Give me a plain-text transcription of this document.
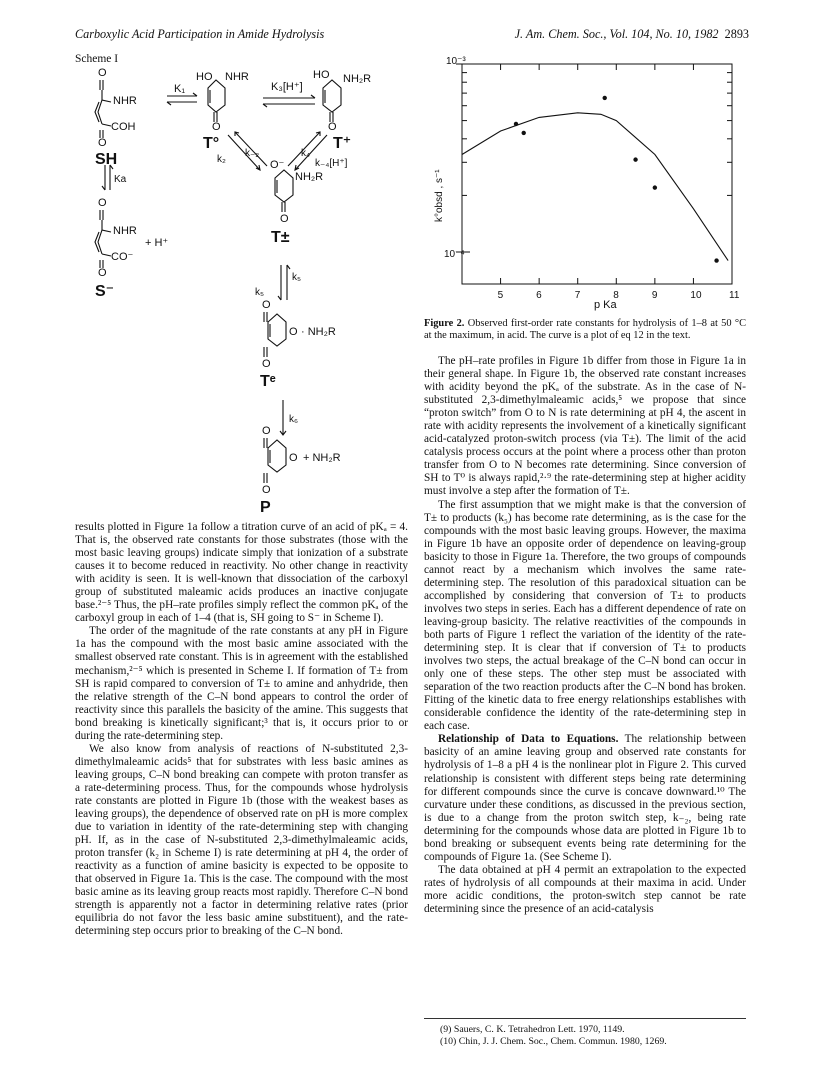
Carboxylic Acid Participation in Amide Hydrolysis	J. Am. Chem. Soc., Vol. 104, No. 10, 1982 2893
Scheme I
O
NHR
COH
O
SH
K₁
HO NHR
O
T°
K₃[H⁺]
HO NH₂R
O
T⁺
k₂
k₋₂	k₄
k₋₄[H⁺]
Ka
O
NHR
+ H⁺
CO⁻
O
S⁻
O⁻
NH₂R
O
T±
k₅
k₅
O
O · NH₂R
O
Tᵉ
k₆
O
O + NH₂R
O
P
5	6	7	8	9	10	11
10⁻³
10⁻⁴
p Ka
k°obsd , s⁻¹
Figure 2. Observed first-order rate constants for hydrolysis of 1–8 at 50 °C at the maximum, in acid. The curve is a plot of eq 12 in the text.

results plotted in Figure 1a follow a titration curve of an acid of pKₐ = 4. That is, the observed rate constants for those substrates (those with the most basic leaving groups) indicate simply that ionization of a substrate causes it to become reduced in reactivity. No other change in reactivity with acidity is seen. It is well-known that dissociation of the carboxyl group of substituted maleamic acids produces an inactive conjugate base.²⁻⁵ Thus, the pH–rate profiles simply reflect the common pKₐ of the carboxyl group in each of 1–4 (that is, SH going to S⁻ in Scheme I).

The order of the magnitude of the rate constants at any pH in Figure 1a has the compound with the most basic amine associated with the smallest observed rate constant. This is in agreement with the established mechanism,²⁻⁵ which is presented in Scheme I. If formation of T± from SH is rapid compared to conversion of T± to amine and anhydride, then the relative strength of the C–N bond appears to control the order of reactivity since this parallels the basicity of the amine. This suggests that bond breaking is kinetically significant;³ that is, it occurs prior to or during the rate-determining step.

We also know from analysis of reactions of N-substituted 2,3-dimethylmaleamic acids⁵ that for substrates with less basic amines as leaving groups, C–N bond breaking can compete with proton transfer as a rate-determining process. Thus, for the compounds whose hydrolysis rate constants are plotted in Figure 1b (those with the weakest bases as leaving groups), the dependence of observed rate on pH is more complex due to variation in identity of the rate-determining step with changing pH. If, as in the case of N-substituted 2,3-dimethylmaleamic acids, proton transfer (k₂ in Scheme I) is rate determining at pH 4, the order of reactivity as a function of amine basicity is expected to be opposite to that observed in Figure 1a. This is the case. The compound with the most basic amine as its leaving group reacts most rapidly. Therefore C–N bond strength is apparently not a factor in determining relative rates (prior equilibria do not favor the less basic amine substituent), and the rate-determining step occurs prior to breaking of the C–N bond.

The pH–rate profiles in Figure 1b differ from those in Figure 1a in their general shape. In Figure 1b, the observed rate constant increases with acidity beyond the pKₐ of the substrate. As in the case of N-substituted 2,3-dimethylmaleamic acids,⁵ we propose that since “proton switch” from O to N is rate determining at pH 4, the ascent in rate with acidity represents the involvement of a kinetically significant acid-catalyzed proton-switch process (via T±). The limit of the acid catalysis process occurs at the point where a process other than proton transfer from O to N becomes rate determining. Since conversion of SH to T⁰ is always rapid,²·⁹ the rate-determining step at higher acidity must involve a step after the formation of T±.

The first assumption that we might make is that the conversion of T± to products (k₅) has become rate determining, as is the case for the compounds with the most basic leaving groups. However, the maxima in Figure 1b have an opposite order of dependence on leaving-group basicity to those in Figure 1a. Therefore, the two groups of compounds cannot react by a mechanism which involves the same rate-determining step. The resolution of this paradoxical situation can be accomplished by considering that conversion of T± to products involves two steps in series. Each has a different dependence of rate on leaving-group basicity. The relative reactivities of the compounds in both parts of Figure 1 reflect the variation of the identity of the rate-determining step. It is clear that if conversion of T± to products involves two steps, the actual breakage of the C–N bond can occur in only one of these steps. The other step must be associated with separation of the two reaction products after the C–N bond has broken. Fitting of the kinetic data to free energy relationships establishes with considerable confidence the identity of the rate-determining step in each case.

Relationship of Data to Equations. The relationship between basicity of an amine leaving group and observed rate constants for hydrolysis of 1–8 a pH 4 is the nonlinear plot in Figure 2. This curved relationship is consistent with different steps being rate determining for different compounds since the curve is concave downward.¹⁰ The curvature under these conditions, as discussed in the previous section, is due to a change from the proton switch step, k₋₂, being rate determining for the compounds whose data are plotted in Figure 1b to bond breaking or subsequent events being rate determining for the compounds of Figure 1a. (See Scheme I).

The data obtained at pH 4 permit an extrapolation to the expected rates of hydrolysis of all compounds at their maxima in acid. Under more acidic conditions, the proton-switch step cannot be rate determining since the presence of an acid-catalysis

(9) Sauers, C. K. Tetrahedron Lett. 1970, 1149.
(10) Chin, J. J. Chem. Soc., Chem. Commun. 1980, 1269.
